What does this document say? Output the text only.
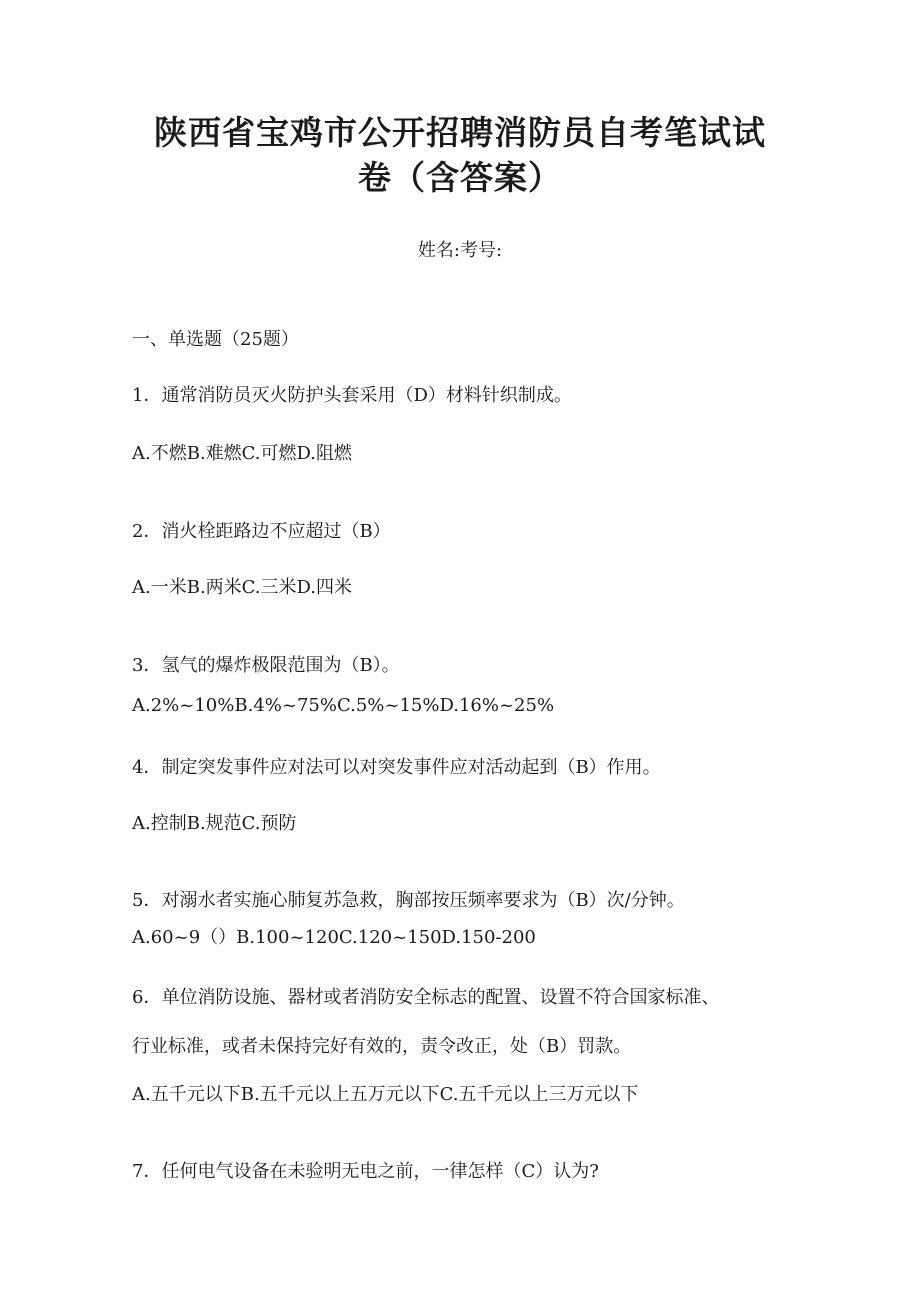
陕西省宝鸡市公开招聘消防员自考笔试试
卷（含答案）

姓名:考号:

一、单选题（25题）

1．通常消防员灭火防护头套采用（D）材料针织制成。

A.不燃B.难燃C.可燃D.阻燃

2．消火栓距路边不应超过（B）

A.一米B.两米C.三米D.四米

3．氢气的爆炸极限范围为（B）。

A.2%~10%B.4%~75%C.5%~15%D.16%~25%

4．制定突发事件应对法可以对突发事件应对活动起到（B）作用。

A.控制B.规范C.预防

5．对溺水者实施心肺复苏急救，胸部按压频率要求为（B）次/分钟。

A.60~9（）B.100~120C.120~150D.150-200

6．单位消防设施、器材或者消防安全标志的配置、设置不符合国家标准、

行业标准，或者未保持完好有效的，责令改正，处（B）罚款。

A.五千元以下B.五千元以上五万元以下C.五千元以上三万元以下

7．任何电气设备在未验明无电之前，一律怎样（C）认为?
